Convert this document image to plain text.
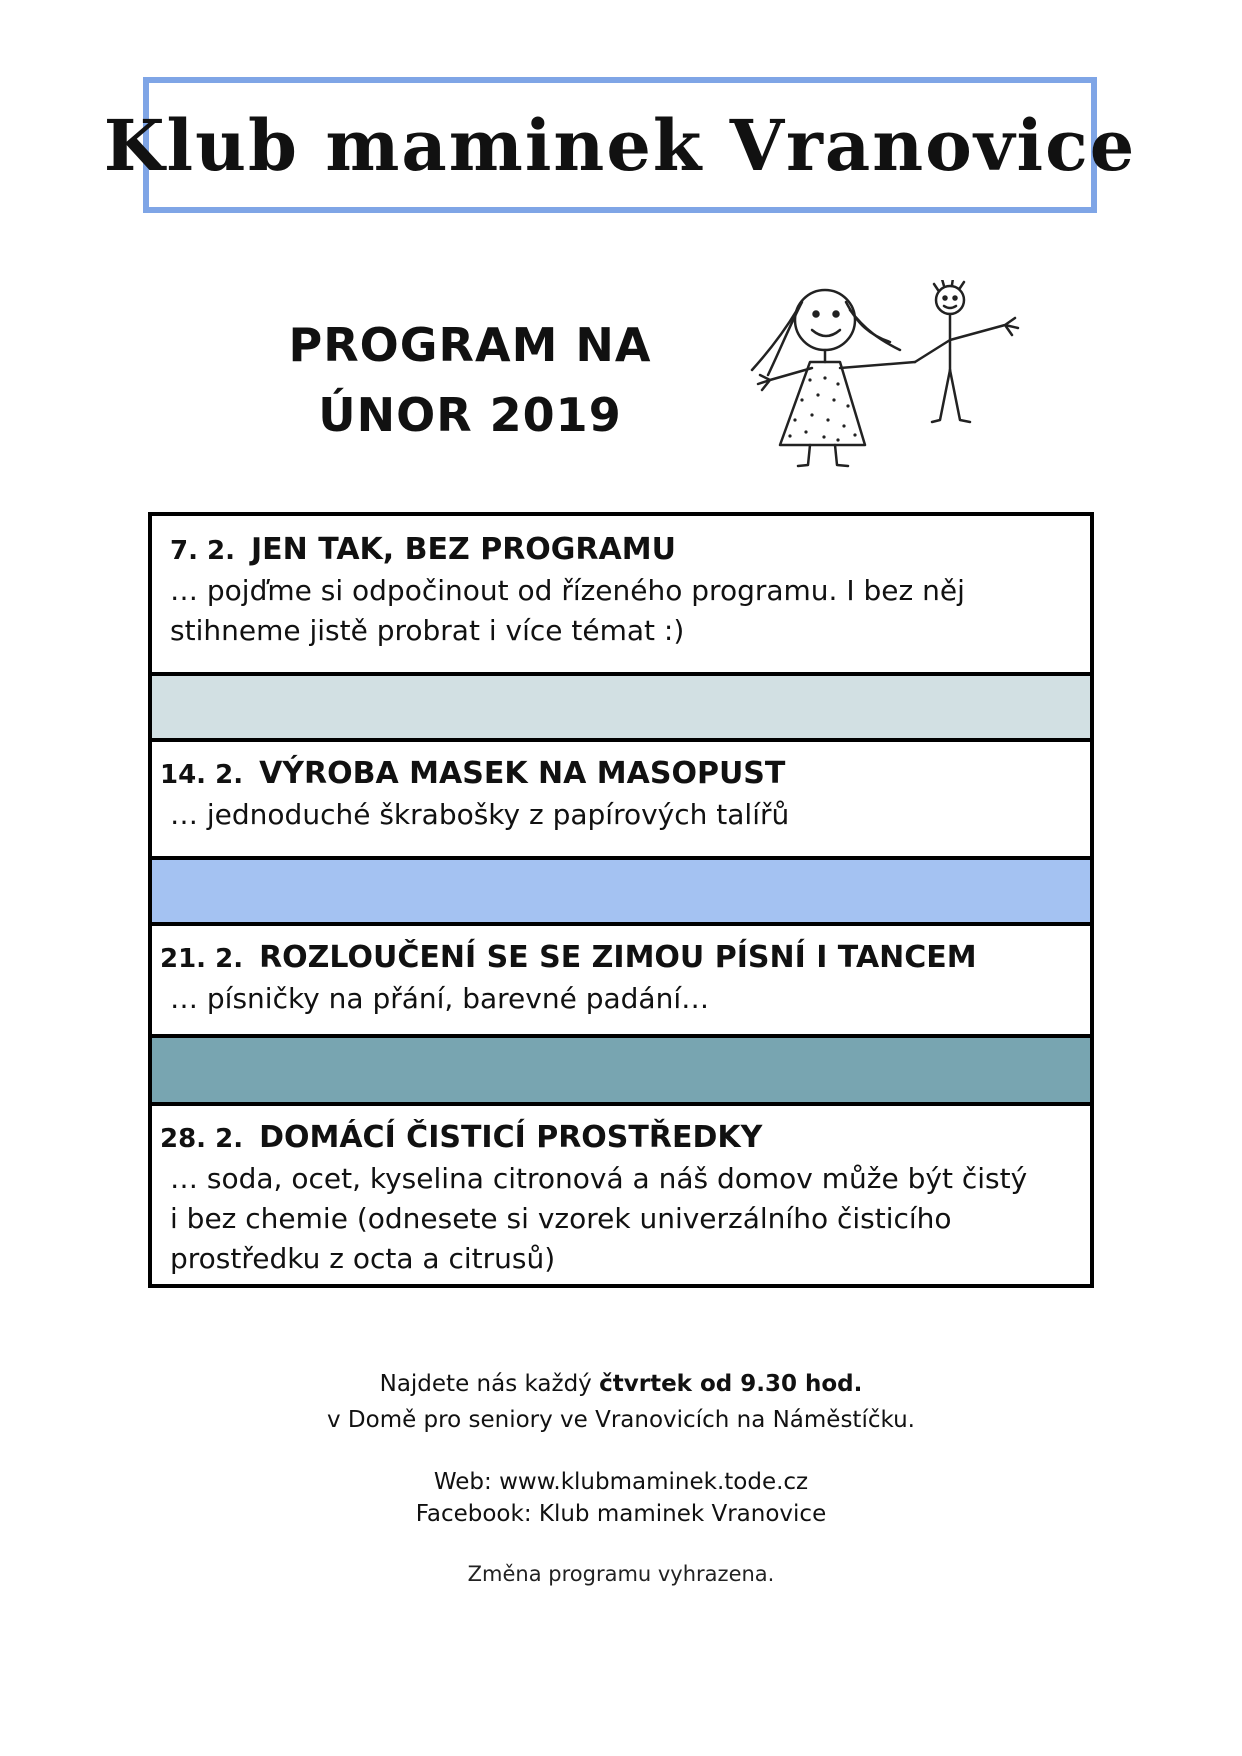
Klub maminek Vranovice
PROGRAM NA
ÚNOR 2019
7. 2. JEN TAK, BEZ PROGRAMU
… pojďme si odpočinout od řízeného programu. I bez něj
stihneme jistě probrat i více témat :)
14. 2. VÝROBA MASEK NA MASOPUST
… jednoduché škrabošky z papírových talířů
21. 2. ROZLOUČENÍ SE SE ZIMOU PÍSNÍ I TANCEM
… písničky na přání, barevné padání…
28. 2. DOMÁCÍ ČISTICÍ PROSTŘEDKY
… soda, ocet, kyselina citronová a náš domov může být čistý
i bez chemie (odnesete si vzorek univerzálního čisticího
prostředku z octa a citrusů)
Najdete nás každý čtvrtek od 9.30 hod.
v Domě pro seniory ve Vranovicích na Náměstíčku.
Web: www.klubmaminek.tode.cz
Facebook: Klub maminek Vranovice
Změna programu vyhrazena.
